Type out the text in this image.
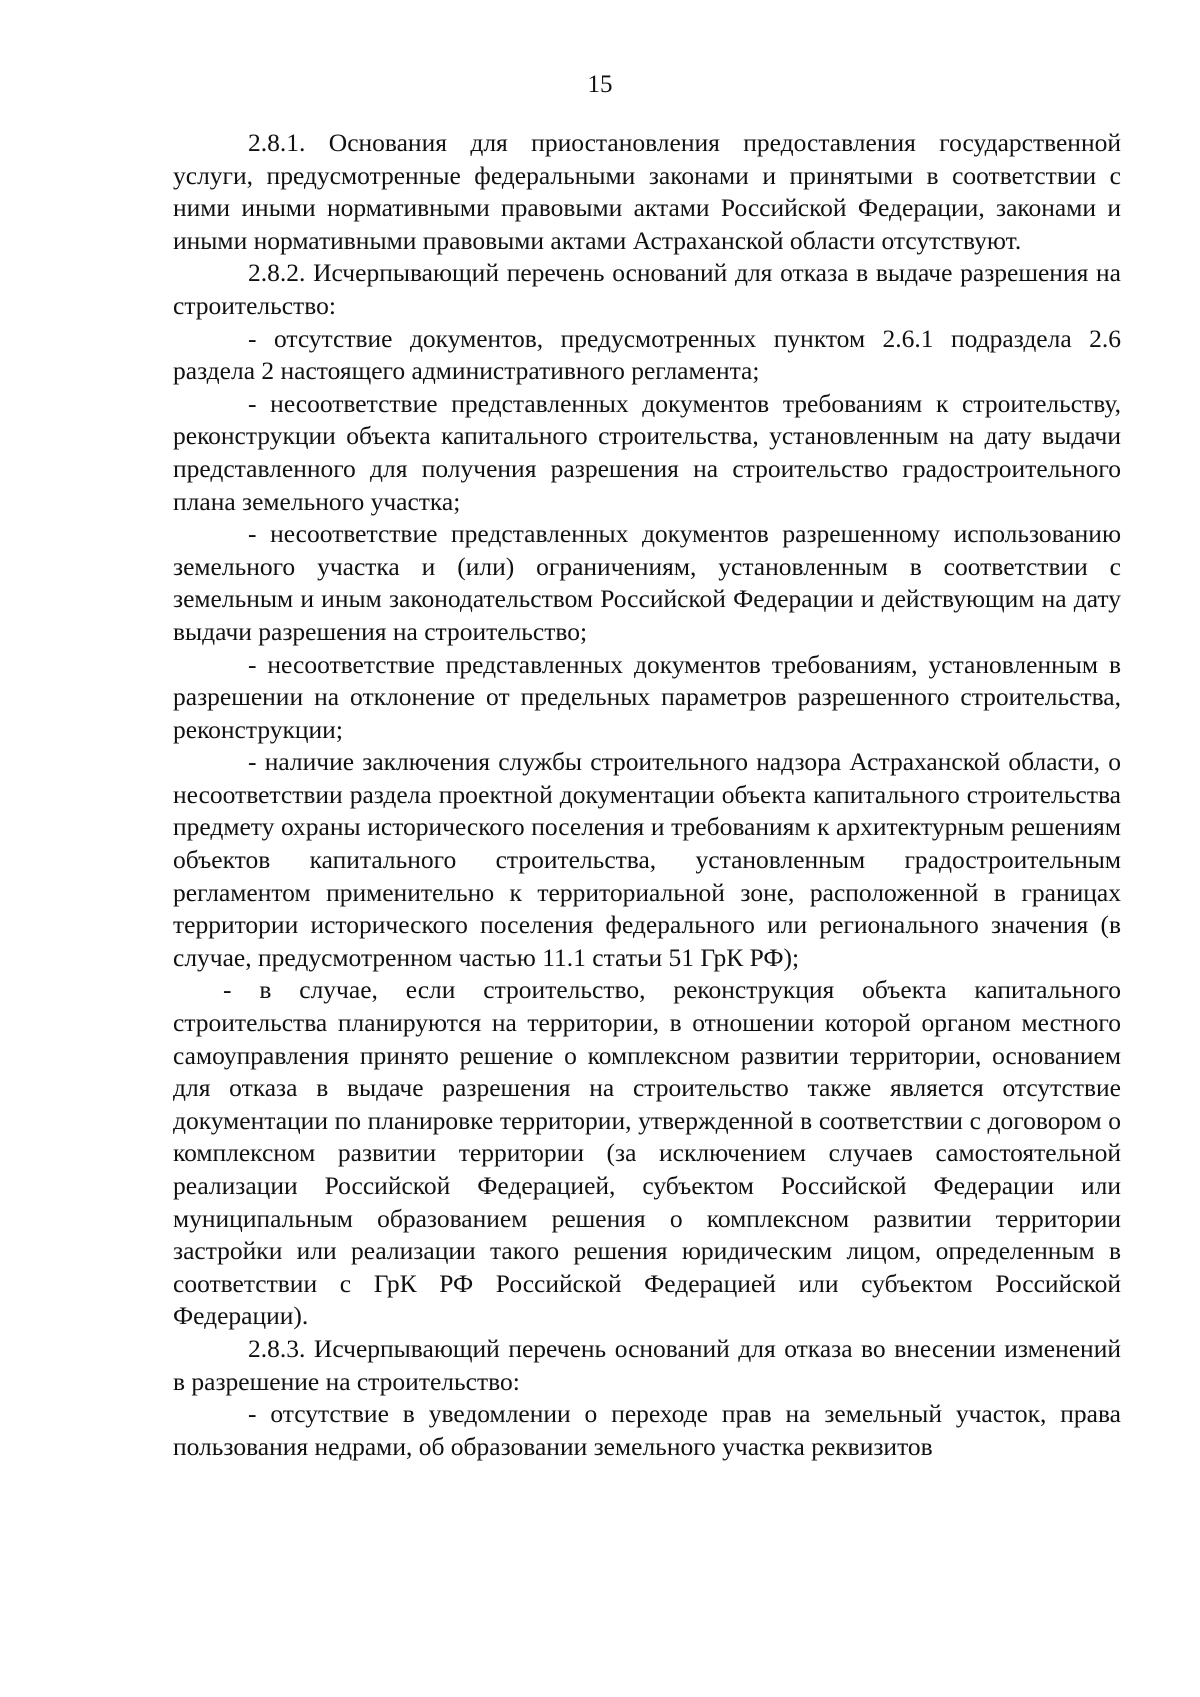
15

2.8.1. Основания для приостановления предоставления государственной услуги, предусмотренные федеральными законами и принятыми в соответствии с ними иными нормативными правовыми актами Российской Федерации, законами и иными нормативными правовыми актами Астраханской области отсутствуют.

2.8.2. Исчерпывающий перечень оснований для отказа в выдаче разрешения на строительство:

- отсутствие документов, предусмотренных пунктом 2.6.1 подраздела 2.6 раздела 2 настоящего административного регламента;

- несоответствие представленных документов требованиям к строительству, реконструкции объекта капитального строительства, установленным на дату выдачи представленного для получения разрешения на строительство градостроительного плана земельного участка;

- несоответствие представленных документов разрешенному использованию земельного участка и (или) ограничениям, установленным в соответствии с земельным и иным законодательством Российской Федерации и действующим на дату выдачи разрешения на строительство;

- несоответствие представленных документов требованиям, установленным в разрешении на отклонение от предельных параметров разрешенного строительства, реконструкции;

- наличие заключения службы строительного надзора Астраханской области, о несоответствии раздела проектной документации объекта капитального строительства предмету охраны исторического поселения и требованиям к архитектурным решениям объектов капитального строительства, установленным градостроительным регламентом применительно к территориальной зоне, расположенной в границах территории исторического поселения федерального или регионального значения (в случае, предусмотренном частью 11.1 статьи 51 ГрК РФ);

- в случае, если строительство, реконструкция объекта капитального строительства планируются на территории, в отношении которой органом местного самоуправления принято решение о комплексном развитии территории, основанием для отказа в выдаче разрешения на строительство также является отсутствие документации по планировке территории, утвержденной в соответствии с договором о комплексном развитии территории (за исключением случаев самостоятельной реализации Российской Федерацией, субъектом Российской Федерации или муниципальным образованием решения о комплексном развитии территории застройки или реализации такого решения юридическим лицом, определенным в соответствии с ГрК РФ Российской Федерацией или субъектом Российской Федерации).

2.8.3. Исчерпывающий перечень оснований для отказа во внесении изменений в разрешение на строительство:

- отсутствие в уведомлении о переходе прав на земельный участок, права пользования недрами, об образовании земельного участка реквизитов
